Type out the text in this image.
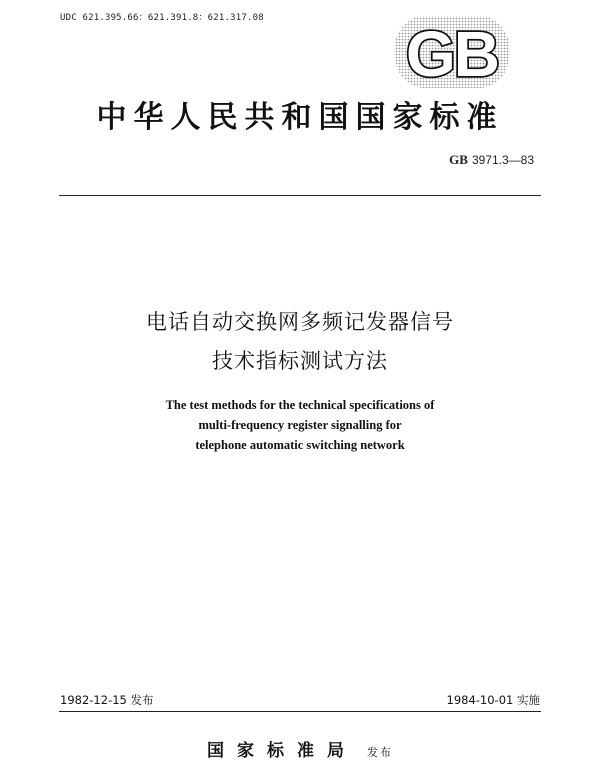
UDC 621.395.66：621.391.8：621.317.08 GB
中华人民共和国国家标准
GB 3971.3—83
电话自动交换网多频记发器信号
技术指标测试方法
The test methods for the technical specifications of
multi-frequency register signalling for
telephone automatic switching network
1982-12-15 发布	1984-10-01 实施
国家标准局 发布
